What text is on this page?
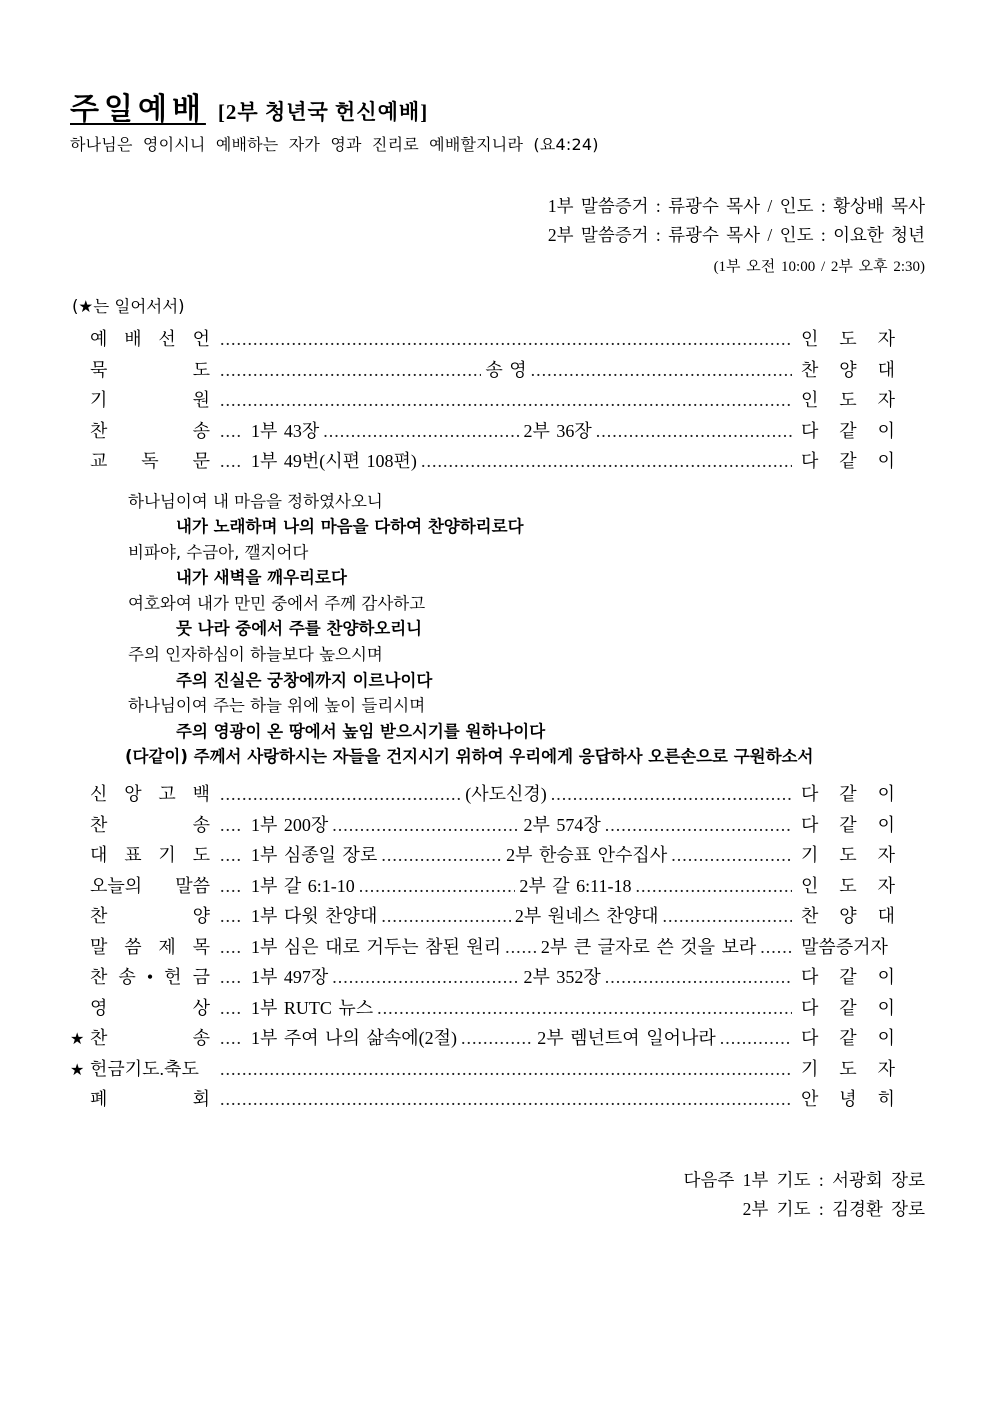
주일예배 [2부 청년국 헌신예배]
하나님은 영이시니 예배하는 자가 영과 진리로 예배할지니라 (요4:24)
1부 말씀증거 : 류광수 목사 / 인도 : 황상배 목사
2부 말씀증거 : 류광수 목사 / 인도 : 이요한 청년
(1부 오전 10:00 / 2부 오후 2:30)
(★는 일어서서)
예 배 선 언 .....	인 도 자
묵 도 .....	송 영 .....	찬 양 대
기 원 .....	인 도 자
찬 송 .... 1부 43장 .....	2부 36장 .....	다 같 이
교 독 문 .... 1부 49번(시편 108편) .....	다 같 이
하나님이여 내 마음을 정하였사오니
내가 노래하며 나의 마음을 다하여 찬양하리로다
비파야, 수금아, 깰지어다
내가 새벽을 깨우리로다
여호와여 내가 만민 중에서 주께 감사하고
뭇 나라 중에서 주를 찬양하오리니
주의 인자하심이 하늘보다 높으시며
주의 진실은 궁창에까지 이르나이다
하나님이여 주는 하늘 위에 높이 들리시며
주의 영광이 온 땅에서 높임 받으시기를 원하나이다
(다같이) 주께서 사랑하시는 자들을 건지시기 위하여 우리에게 응답하사 오른손으로 구원하소서
신 앙 고 백 .....	(사도신경) .....	다 같 이
찬 송 .... 1부 200장 .....	2부 574장 .....	다 같 이
대 표 기 도 .... 1부 심종일 장로 .....	2부 한승표 안수집사 .....	기 도 자
오늘의 말씀 .... 1부 갈 6:1-10 .....	2부 갈 6:11-18 .....	인 도 자
찬 양 .... 1부 다윗 찬양대 .....	2부 원네스 찬양대 .....	찬 양 대
말 씀 제 목 .... 1부 심은 대로 거두는 참된 원리 ..... 2부 큰 글자로 쓴 것을 보라 ..... 말씀증거자
찬 송 • 헌 금 .... 1부 497장 .....	2부 352장 .....	다 같 이
영 상 .... 1부 RUTC 뉴스 .....	다 같 이
★ 찬 송 .... 1부 주여 나의 삶속에(2절) .....	2부 렘넌트여 일어나라 .....	다 같 이
★ 헌금기도.축도 .....	기 도 자
폐 회 .....	안 녕 히
다음주 1부 기도 : 서광회 장로
2부 기도 : 김경환 장로
